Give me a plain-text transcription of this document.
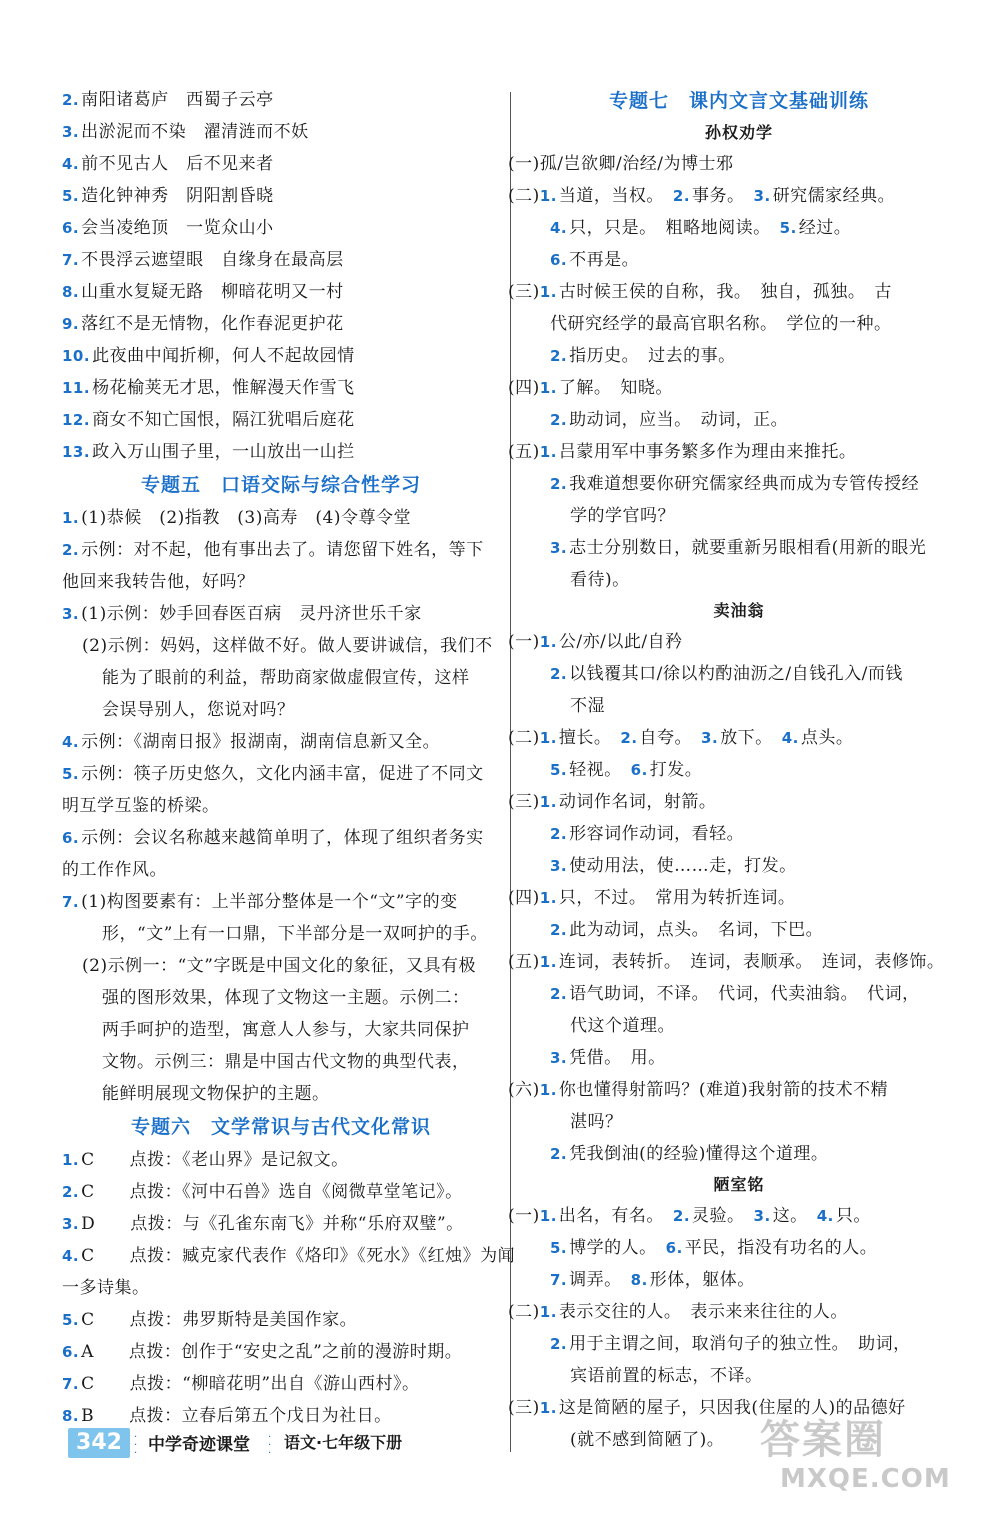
2. 南阳诸葛庐　西蜀子云亭
3. 出淤泥而不染　濯清涟而不妖
4. 前不见古人　后不见来者
5. 造化钟神秀　阴阳割昏晓
6. 会当凌绝顶　一览众山小
7. 不畏浮云遮望眼　自缘身在最高层
8. 山重水复疑无路　柳暗花明又一村
9. 落红不是无情物，化作春泥更护花
10. 此夜曲中闻折柳，何人不起故园情
11. 杨花榆荚无才思，惟解漫天作雪飞
12. 商女不知亡国恨，隔江犹唱后庭花
13. 政入万山围子里，一山放出一山拦
专题五　口语交际与综合性学习
1. (1)恭候　(2)指教　(3)高寿　(4)令尊令堂
2. 示例：对不起，他有事出去了。请您留下姓名，等下
他回来我转告他，好吗？
3. (1)示例：妙手回春医百病　灵丹济世乐千家
(2)示例：妈妈，这样做不好。做人要讲诚信，我们不
能为了眼前的利益，帮助商家做虚假宣传，这样
会误导别人，您说对吗？
4. 示例：《湖南日报》报湖南，湖南信息新又全。
5. 示例：筷子历史悠久，文化内涵丰富，促进了不同文
明互学互鉴的桥梁。
6. 示例：会议名称越来越简单明了，体现了组织者务实
的工作作风。
7. (1)构图要素有：上半部分整体是一个“文”字的变
形，“文”上有一口鼎，下半部分是一双呵护的手。
(2)示例一：“文”字既是中国文化的象征，又具有极
强的图形效果，体现了文物这一主题。示例二：
两手呵护的造型，寓意人人参与，大家共同保护
文物。示例三：鼎是中国古代文物的典型代表，
能鲜明展现文物保护的主题。
专题六　文学常识与古代文化常识
1. C　　点拨：《老山界》是记叙文。
2. C　　点拨：《河中石兽》选自《阅微草堂笔记》。
3. D　　点拨：与《孔雀东南飞》并称“乐府双璧”。
4. C　　点拨：臧克家代表作《烙印》《死水》《红烛》为闻
一多诗集。
5. C　　点拨：弗罗斯特是美国作家。
6. A　　点拨：创作于“安史之乱”之前的漫游时期。
7. C　　点拨：“柳暗花明”出自《游山西村》。
8. B　　点拨：立春后第五个戊日为社日。
专题七　课内文言文基础训练
孙权劝学
(一)孤/岂欲卿/治经/为博士邪
(二)1. 当道，当权。　2. 事务。　3. 研究儒家经典。
4. 只，只是。　粗略地阅读。　5. 经过。
6. 不再是。
(三)1. 古时候王侯的自称，我。　独自，孤独。　古
代研究经学的最高官职名称。　学位的一种。
2. 指历史。　过去的事。
(四)1. 了解。　知晓。
2. 助动词，应当。　动词，正。
(五)1. 吕蒙用军中事务繁多作为理由来推托。
2. 我难道想要你研究儒家经典而成为专管传授经
学的学官吗？
3. 志士分别数日，就要重新另眼相看(用新的眼光
看待)。
卖油翁
(一)1. 公/亦/以此/自矜
2. 以钱覆其口/徐以杓酌油沥之/自钱孔入/而钱
不湿
(二)1. 擅长。　2. 自夸。　3. 放下。　4. 点头。
5. 轻视。　6. 打发。
(三)1. 动词作名词，射箭。
2. 形容词作动词，看轻。
3. 使动用法，使……走，打发。
(四)1. 只，不过。　常用为转折连词。
2. 此为动词，点头。　名词，下巴。
(五)1. 连词，表转折。　连词，表顺承。　连词，表修饰。
2. 语气助词，不译。　代词，代卖油翁。　代词，
代这个道理。
3. 凭借。　用。
(六)1. 你也懂得射箭吗？(难道)我射箭的技术不精
湛吗？
2. 凭我倒油(的经验)懂得这个道理。
陋室铭
(一)1. 出名，有名。　2. 灵验。　3. 这。　4. 只。
5. 博学的人。　6. 平民，指没有功名的人。
7. 调弄。　8. 形体，躯体。
(二)1. 表示交往的人。　表示来来往往的人。
2. 用于主谓之间，取消句子的独立性。　助词，
宾语前置的标志，不译。
(三)1. 这是简陋的屋子，只因我(住屋的人)的品德好
(就不感到简陋了)。
342	·
·
· 中学奇迹课堂 ·
·
·
语文·七年级下册	答案圈
MXQE.COM
